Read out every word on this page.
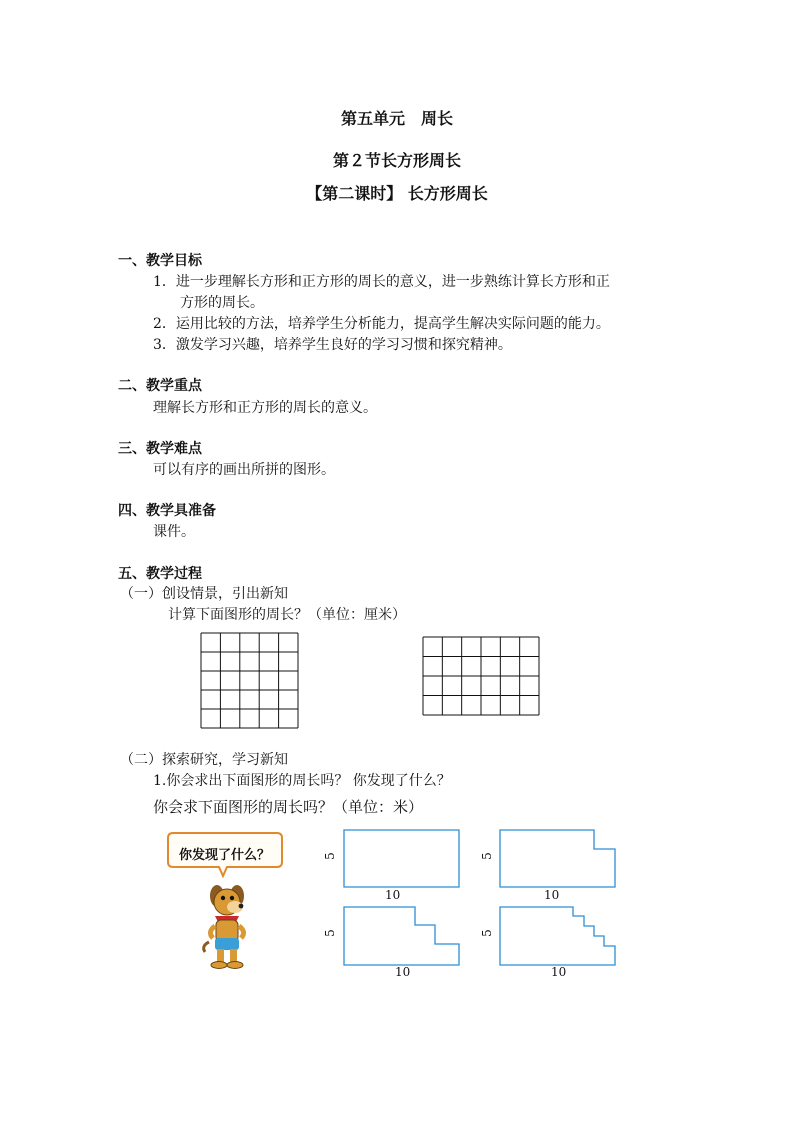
第五单元　周长
第２节长方形周长
【第二课时】 长方形周长
一、教学目标
1．进一步理解长方形和正方形的周长的意义，进一步熟练计算长方形和正
方形的周长。
2．运用比较的方法，培养学生分析能力，提高学生解决实际问题的能力。
3．激发学习兴趣，培养学生良好的学习习惯和探究精神。
二、教学重点
理解长方形和正方形的周长的意义。
三、教学难点
可以有序的画出所拼的图形。
四、教学具准备
课件。
五、教学过程
（一）创设情景，引出新知
计算下面图形的周长？（单位：厘米）
（二）探索研究，学习新知
1.你会求出下面图形的周长吗？ 你发现了什么？
你会求下面图形的周长吗？（单位：米）
你发现了什么？	5
10
5
10
5
10
5
10
